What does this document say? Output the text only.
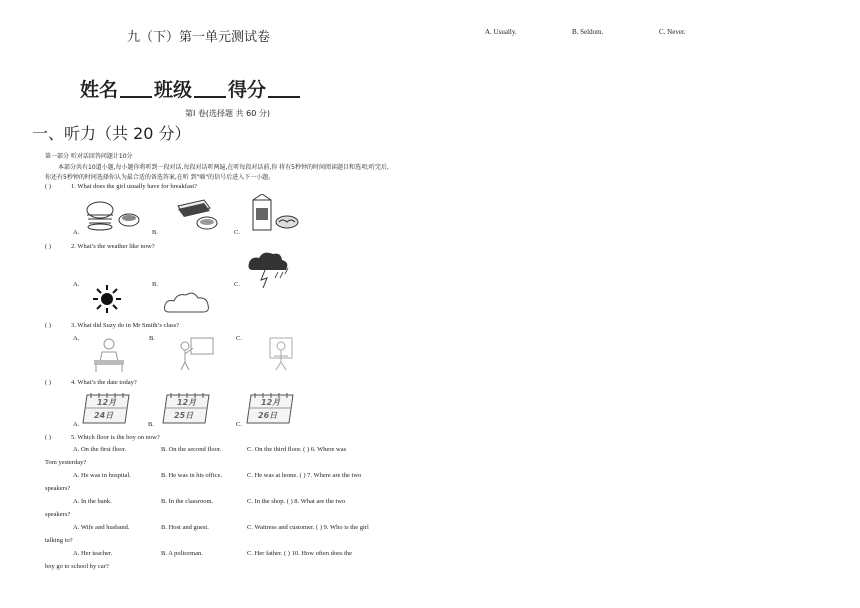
九（下）第一单元测试卷	A. Usually.	B. Seldom.	C. Never.
姓名 班级 得分
第Ⅰ 卷(选择题 共 60 分)
一、听力（共 20 分）
第一部分 听对话回答问题计10分
本部分共有10道小题,每小题你将听到一段对话,每段对话听两遍,在听每段对话前,你 将有5秒钟的时间阅读题目和选项;听完后,
你还有5秒钟的时间选择你认为最合适的备选答案,在听 到"嘀"的信号后进入下一小题。
( )	1. What does the girl usually have for breakfast?
A.	B.	C.
( )	2. What’s the weather like now?
A.	B.	C.
( )	3. What did Suzy do in Mr Smith’s class?
A.	B.	C.
( )	4. What’s the date today?
12月
24日
12月
25日
12月
26日
A.	B.	C.
( )	5. Which floor is the boy on now?
A. On the first floor.	B. On the second floor.	C. On the third floor. ( ) 6. Where was
Tom yesterday?
A. He was in hospital.	B. He was in his office.	C. He was at home. ( ) 7. Where are the two
speakers?
A. In the bank.	B. In the classroom.	C. In the shop. ( ) 8. What are the two
speakers?
A. Wife and husband.	B. Host and guest.	C. Waitress and customer. ( ) 9. Who is the girl
talking to?
A. Her teacher.	B. A policeman.	C. Her father. ( ) 10. How often does the
boy go to school by car?
